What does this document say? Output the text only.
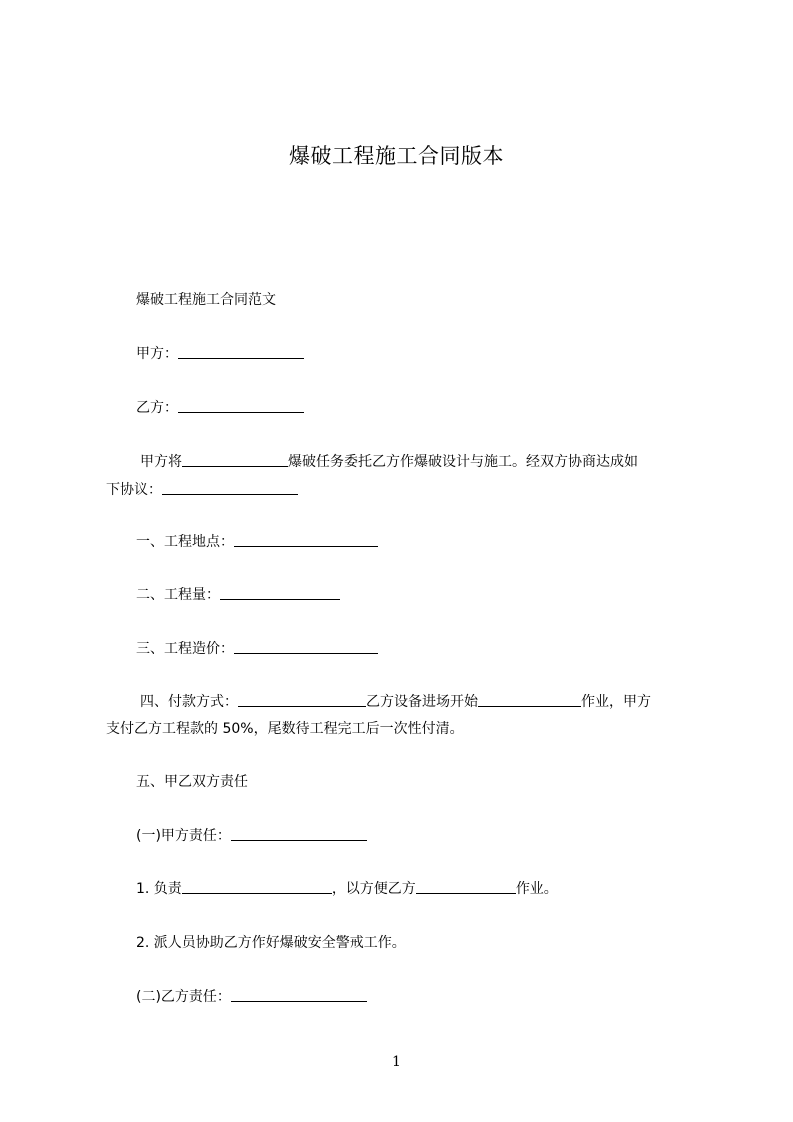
爆破工程施工合同版本
爆破工程施工合同范文
甲方：
乙方：
甲方将	爆破任务委托乙方作爆破设计与施工。经双方协商达成如
下协议：
一、工程地点：
二、工程量：
三、工程造价：
四、付款方式：	乙方设备进场开始	作业，甲方
支付乙方工程款的 50%，尾数待工程完工后一次性付清。
五、甲乙双方责任
(一)甲方责任：
1. 负责	，以方便乙方	作业。
2. 派人员协助乙方作好爆破安全警戒工作。
(二)乙方责任：
1
